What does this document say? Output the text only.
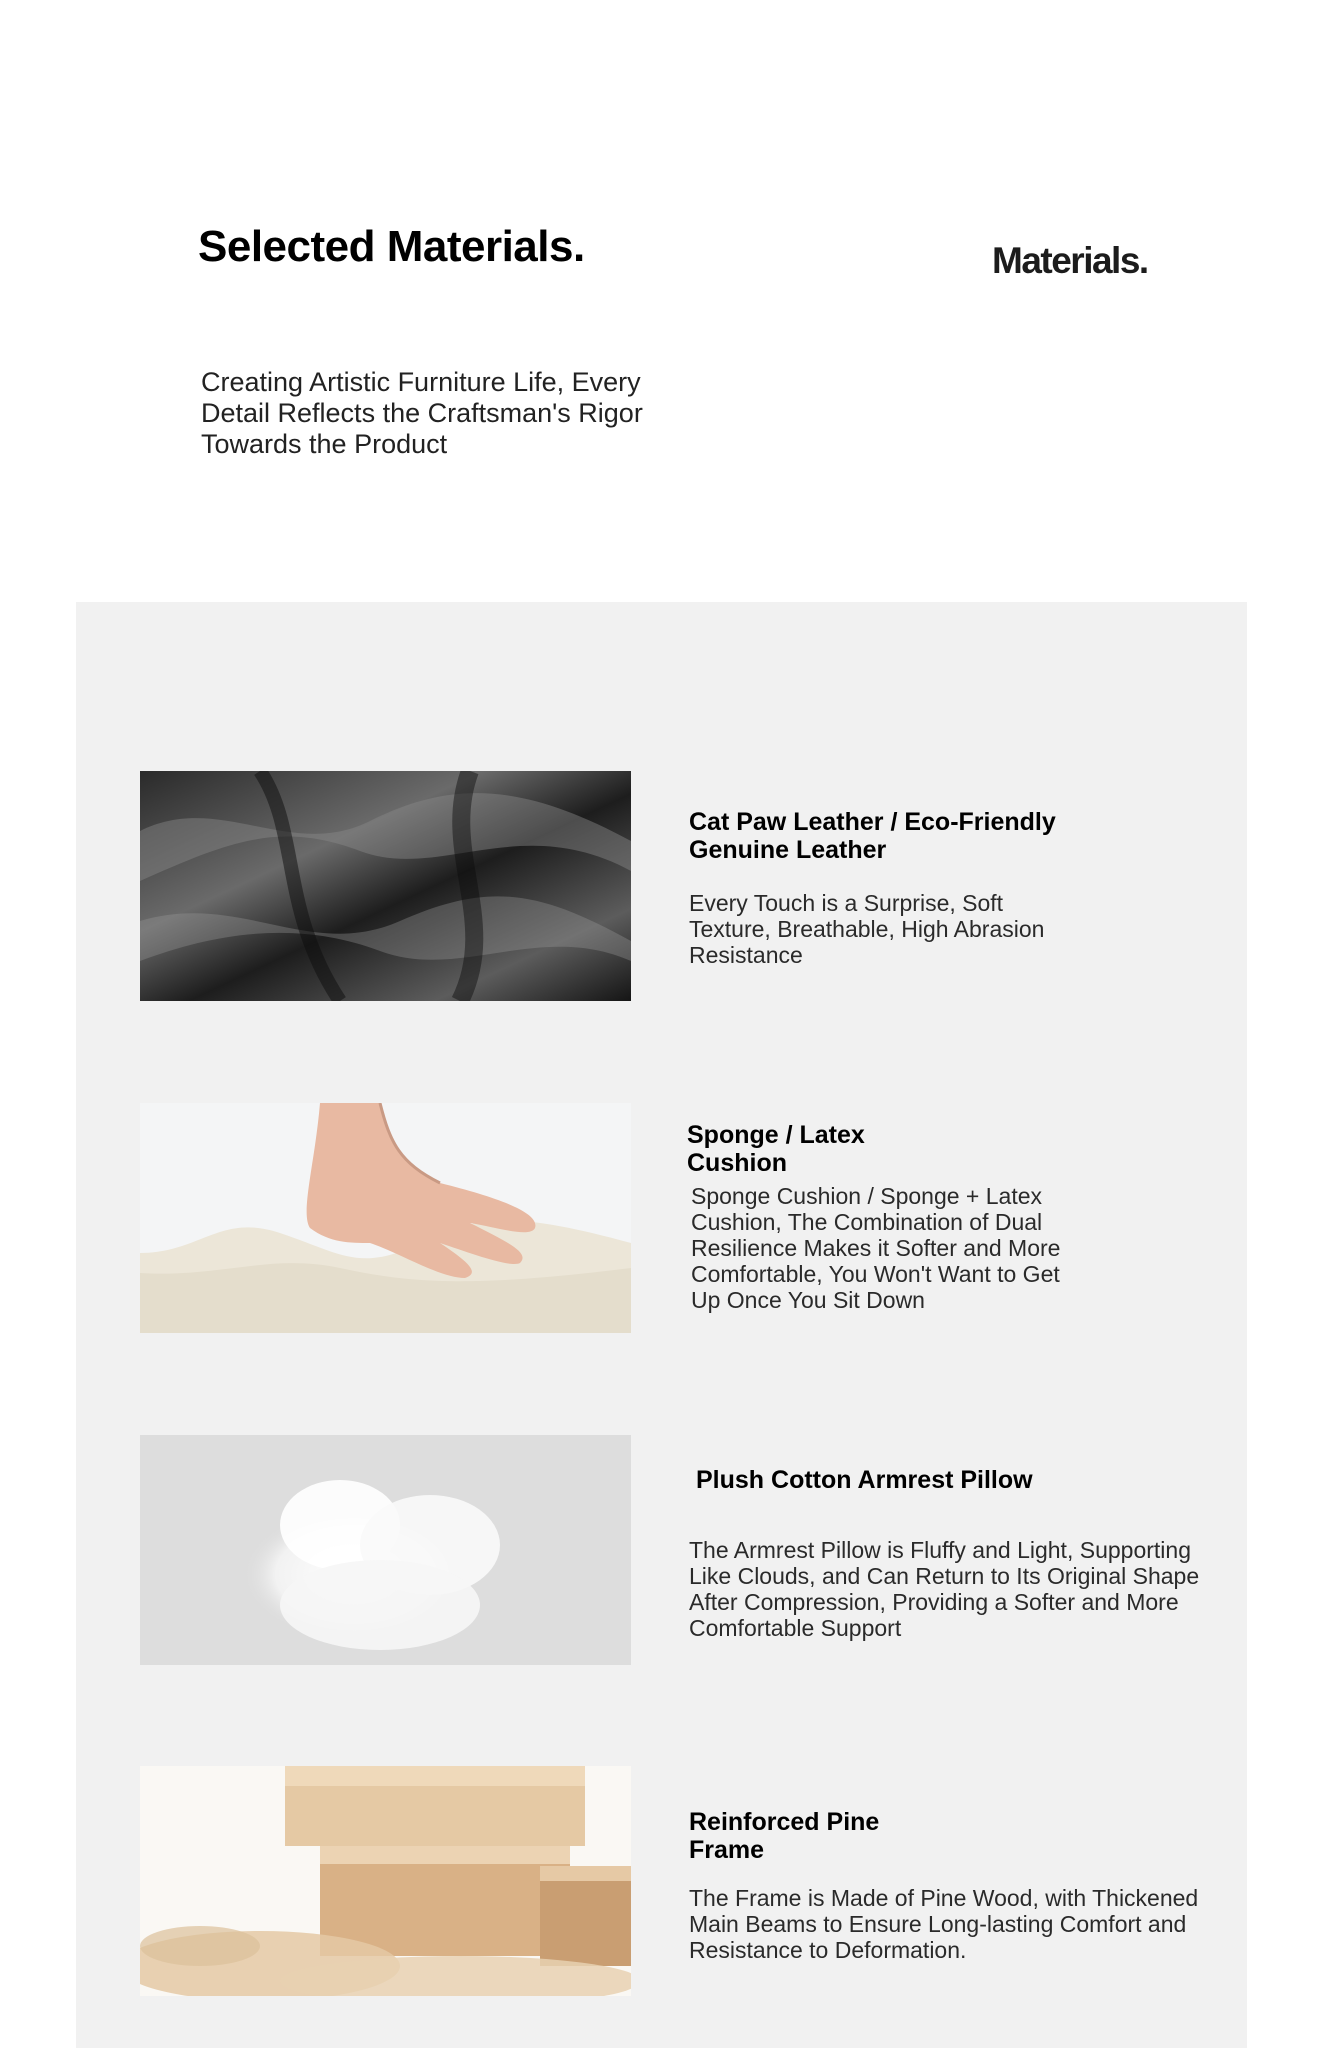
Selected Materials.	Materials.

Creating Artistic Furniture Life, Every Detail Reflects the Craftsman's Rigor Towards the Product

Cat Paw Leather / Eco-Friendly Genuine Leather

Every Touch is a Surprise, Soft Texture, Breathable, High Abrasion Resistance

Sponge / Latex Cushion

Sponge Cushion / Sponge + Latex Cushion, The Combination of Dual Resilience Makes it Softer and More Comfortable, You Won't Want to Get Up Once You Sit Down

Plush Cotton Armrest Pillow

The Armrest Pillow is Fluffy and Light, Supporting Like Clouds, and Can Return to Its Original Shape After Compression, Providing a Softer and More Comfortable Support

Reinforced Pine Frame

The Frame is Made of Pine Wood, with Thickened Main Beams to Ensure Long-lasting Comfort and Resistance to Deformation.
